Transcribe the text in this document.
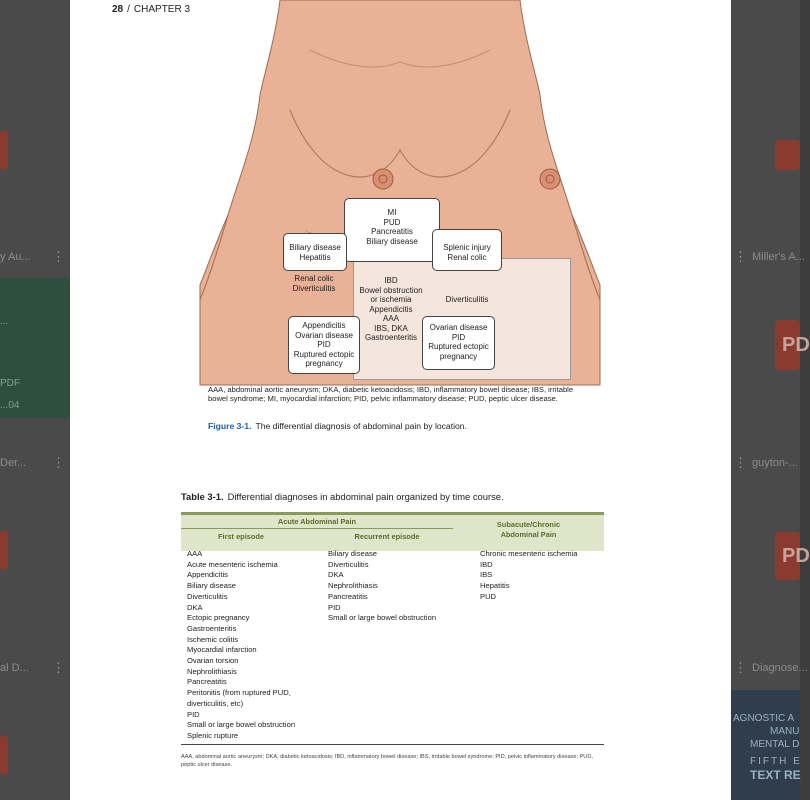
y Au... ⋮
...
PDF
...04
Der... ⋮
al D... ⋮
Miller's A...
⋮
PD
guyton-...
⋮
PD
Diagnose...
⋮
AGNOSTIC A
MANU
MENTAL D
FIFTH E
TEXT RE
28 / CHAPTER 3
MI
PUD
Pancreatitis
Biliary disease
Biliary disease
Hepatitis
Splenic injury
Renal colic
Renal colic
Diverticulitis
Diverticulitis
IBD
Bowel obstruction
or ischemia
Appendicitis
AAA
IBS, DKA
Gastroenteritis
Appendicitis
Ovarian disease
PID
Ruptured ectopic
pregnancy
Ovarian disease
PID
Ruptured ectopic
pregnancy
AAA, abdominal aortic aneurysm; DKA, diabetic ketoacidosis; IBD, inflammatory bowel disease; IBS, irritable bowel syndrome; MI, myocardial infarction; PID, pelvic inflammatory disease; PUD, peptic ulcer disease.
Figure 3-1. The differential diagnosis of abdominal pain by location.
Table 3-1. Differential diagnoses in abdominal pain organized by time course.
Acute Abdominal Pain	Subacute/Chronic
Abdominal Pain
First episode	Recurrent episode
AAA
Acute mesenteric ischemia
Appendicitis
Biliary disease
Diverticulitis
DKA
Ectopic pregnancy
Gastroenteritis
Ischemic colitis
Myocardial infarction
Ovarian torsion
Nephrolithiasis
Pancreatitis
Peritonitis (from ruptured PUD,
diverticulitis, etc)
PID
Small or large bowel obstruction
Splenic rupture
Biliary disease
Diverticulitis
DKA
Nephrolithiasis
Pancreatitis
PID
Small or large bowel obstruction
Chronic mesenteric ischemia
IBD
IBS
Hepatitis
PUD
AAA, abdominal aortic aneurysm; DKA, diabetic ketoacidosis; IBD, inflammatory bowel disease; IBS, irritable bowel syndrome; PID, pelvic inflammatory disease; PUD, peptic ulcer disease.
